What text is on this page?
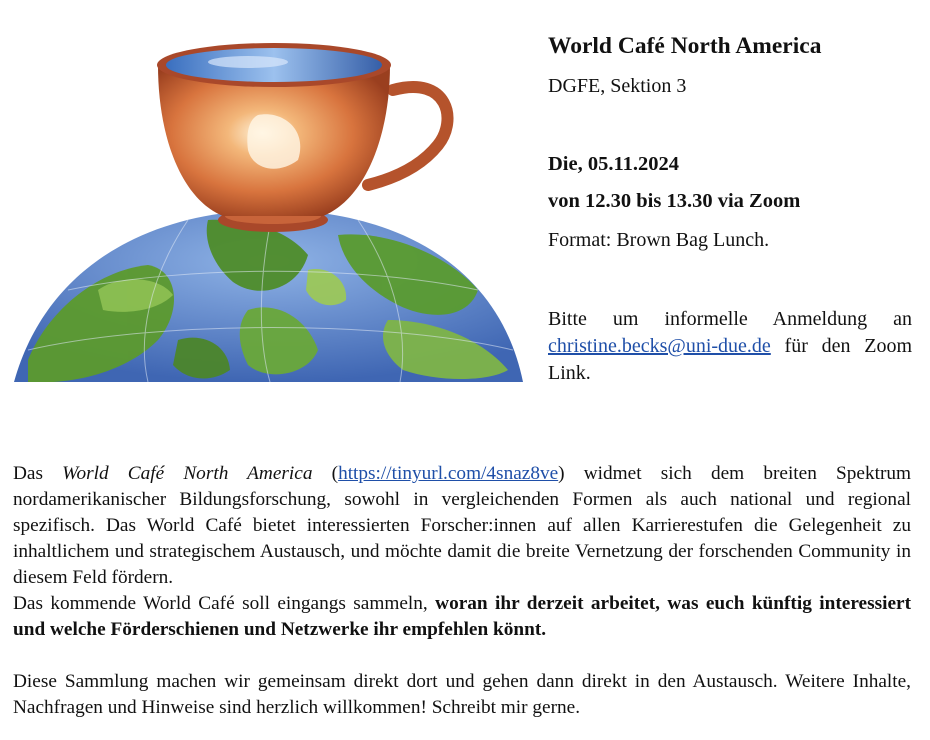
World Café North America
DGFE, Sektion 3
Die, 05.11.2024
von 12.30 bis 13.30 via Zoom
Format: Brown Bag Lunch.
Bitte um informelle Anmeldung an christine.becks@uni-due.de für den Zoom Link.

Das World Café North America (https://tinyurl.com/4snaz8ve) widmet sich dem breiten Spektrum nordamerikanischer Bildungsforschung, sowohl in vergleichenden Formen als auch national und regional spezifisch. Das World Café bietet interessierten Forscher:innen auf allen Karrierestufen die Gelegenheit zu inhaltlichem und strategischem Austausch, und möchte damit die breite Vernetzung der forschenden Community in diesem Feld fördern.

Das kommende World Café soll eingangs sammeln, woran ihr derzeit arbeitet, was euch künftig interessiert und welche Förderschienen und Netzwerke ihr empfehlen könnt.

Diese Sammlung machen wir gemeinsam direkt dort und gehen dann direkt in den Austausch. Weitere Inhalte, Nachfragen und Hinweise sind herzlich willkommen! Schreibt mir gerne.
